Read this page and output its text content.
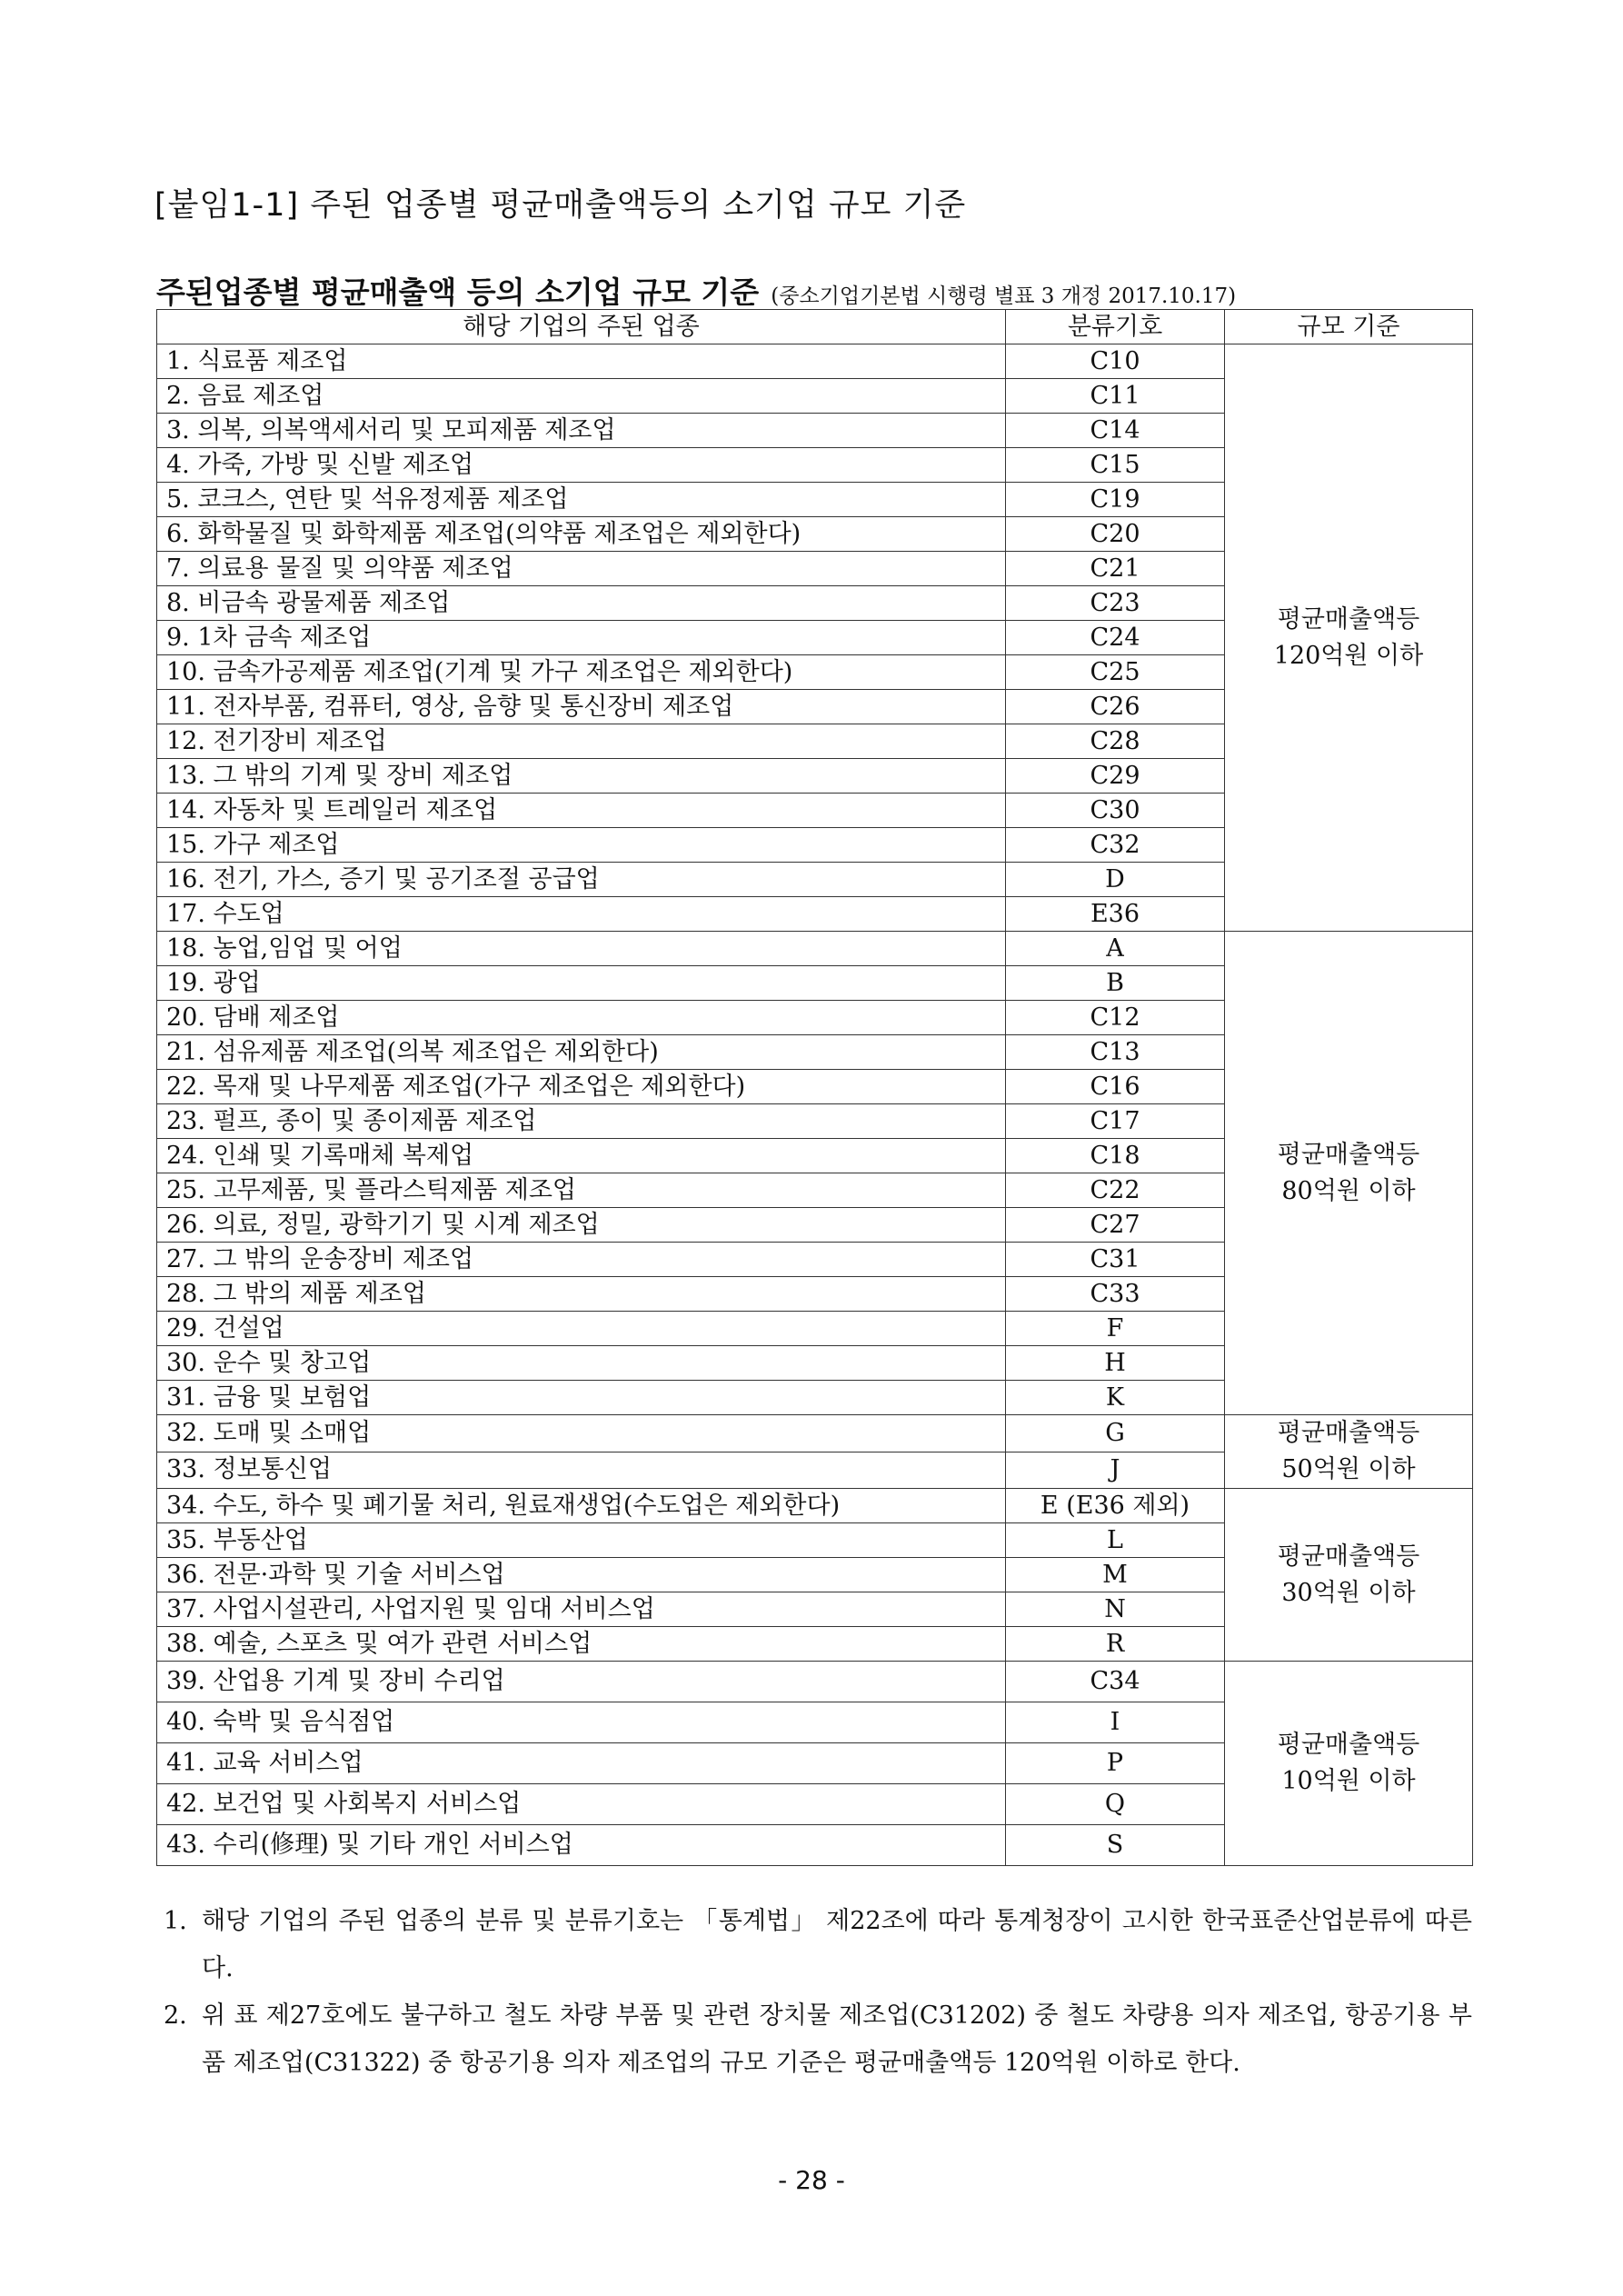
[붙임1-1] 주된 업종별 평균매출액등의 소기업 규모 기준
주된업종별 평균매출액 등의 소기업 규모 기준 (중소기업기본법 시행령 별표 3 개정 2017.10.17)
해당 기업의 주된 업종	분류기호	규모 기준
1. 식료품 제조업	C10	평균매출액등
120억원 이하

2. 음료 제조업	C11	
3. 의복, 의복액세서리 및 모피제품 제조업	C14	
4. 가죽, 가방 및 신발 제조업	C15	
5. 코크스, 연탄 및 석유정제품 제조업	C19	
6. 화학물질 및 화학제품 제조업(의약품 제조업은 제외한다)	C20	
7. 의료용 물질 및 의약품 제조업	C21	
8. 비금속 광물제품 제조업	C23	
9. 1차 금속 제조업	C24	
10. 금속가공제품 제조업(기계 및 가구 제조업은 제외한다)	C25	
11. 전자부품, 컴퓨터, 영상, 음향 및 통신장비 제조업	C26	
12. 전기장비 제조업	C28	
13. 그 밖의 기계 및 장비 제조업	C29	
14. 자동차 및 트레일러 제조업	C30	
15. 가구 제조업	C32	
16. 전기, 가스, 증기 및 공기조절 공급업	D	
17. 수도업	E36	
18. 농업,임업 및 어업	A	평균매출액등
80억원 이하

19. 광업	B	
20. 담배 제조업	C12	
21. 섬유제품 제조업(의복 제조업은 제외한다)	C13	
22. 목재 및 나무제품 제조업(가구 제조업은 제외한다)	C16	
23. 펄프, 종이 및 종이제품 제조업	C17	
24. 인쇄 및 기록매체 복제업	C18	
25. 고무제품, 및 플라스틱제품 제조업	C22	
26. 의료, 정밀, 광학기기 및 시계 제조업	C27	
27. 그 밖의 운송장비 제조업	C31	
28. 그 밖의 제품 제조업	C33	
29. 건설업	F	
30. 운수 및 창고업	H	
31. 금융 및 보험업	K	
32. 도매 및 소매업	G	평균매출액등
50억원 이하

33. 정보통신업	J	
34. 수도, 하수 및 폐기물 처리, 원료재생업(수도업은 제외한다)	E (E36 제외)	평균매출액등
30억원 이하

35. 부동산업	L	
36. 전문·과학 및 기술 서비스업	M	
37. 사업시설관리, 사업지원 및 임대 서비스업	N	
38. 예술, 스포츠 및 여가 관련 서비스업	R	
39. 산업용 기계 및 장비 수리업	C34	평균매출액등
10억원 이하

40. 숙박 및 음식점업	I	
41. 교육 서비스업	P	
42. 보건업 및 사회복지 서비스업	Q	
43. 수리(修理) 및 기타 개인 서비스업	S	
1. 해당 기업의 주된 업종의 분류 및 분류기호는 「통계법」 제22조에 따라 통계청장이 고시한 한국표준산업분류에 따른다.
2. 위 표 제27호에도 불구하고 철도 차량 부품 및 관련 장치물 제조업(C31202) 중 철도 차량용 의자 제조업, 항공기용 부품 제조업(C31322) 중 항공기용 의자 제조업의 규모 기준은 평균매출액등 120억원 이하로 한다.
- 28 -
